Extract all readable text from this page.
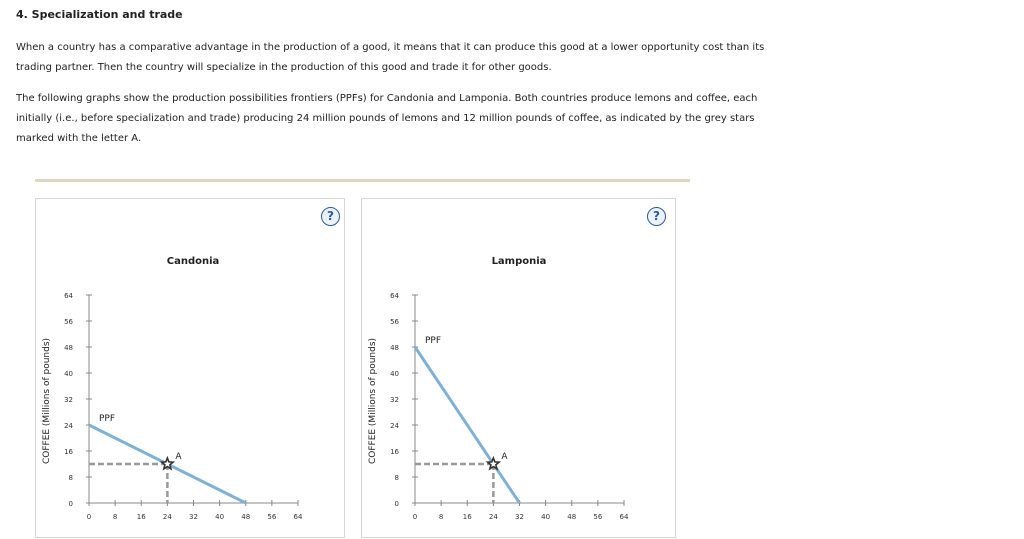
4. Specialization and trade
When a country has a comparative advantage in the production of a good, it means that it can produce this good at a lower opportunity cost than its
trading partner. Then the country will specialize in the production of this good and trade it for other goods.
The following graphs show the production possibilities frontiers (PPFs) for Candonia and Lamponia. Both countries produce lemons and coffee, each
initially (i.e., before specialization and trade) producing 24 million pounds of lemons and 12 million pounds of coffee, as indicated by the grey stars
marked with the letter A.
?
Candonia
0	8	16 24 32 40 48 56 64
0
8
16
24
32
40
48
56
64
COFFEE (Millions of pounds)	PPF
A
?
Lamponia
0	8	16 24 32 40 48 56 64
0
8
16
24
32
40
48
56
64
COFFEE (Millions of pounds)	PPF
A
